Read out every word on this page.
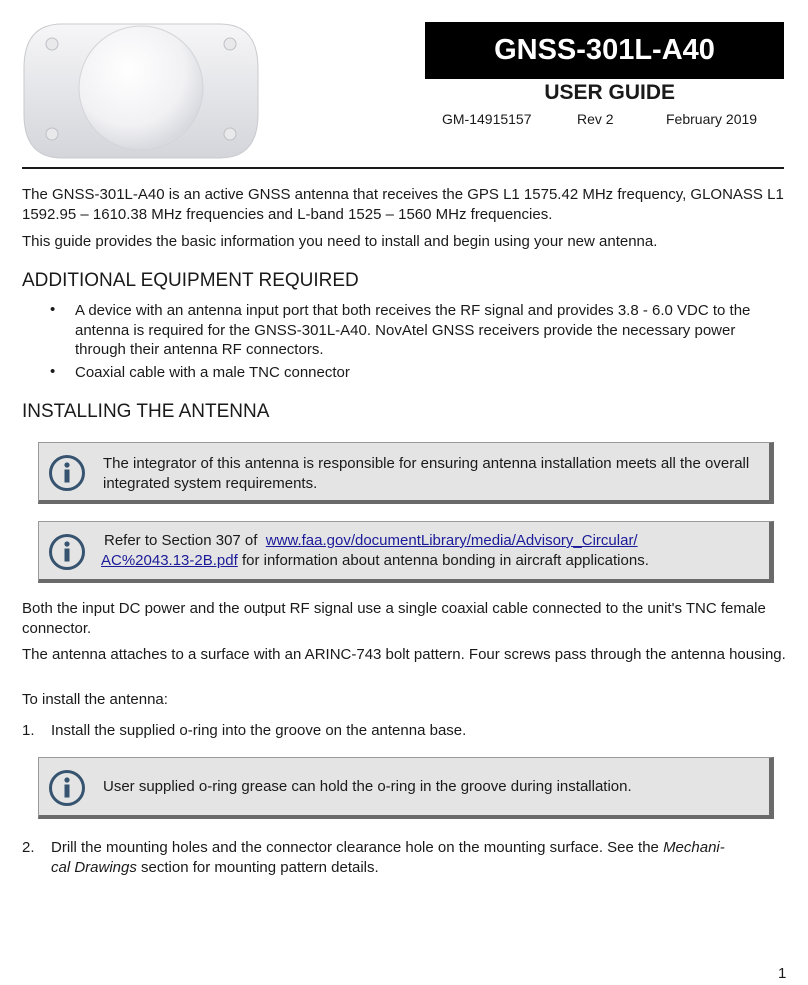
GNSS-301L-A40
USER GUIDE
GM-14915157	Rev 2	February 2019
The GNSS-301L-A40 is an active GNSS antenna that receives the GPS L1 1575.42 MHz frequency, GLONASS L1 1592.95 – 1610.38 MHz frequencies and L-band 1525 – 1560 MHz frequencies.
This guide provides the basic information you need to install and begin using your new antenna.
ADDITIONAL EQUIPMENT REQUIRED
• A device with an antenna input port that both receives the RF signal and provides 3.8 - 6.0 VDC to the antenna is required for the GNSS-301L-A40. NovAtel GNSS receivers provide the necessary power through their antenna RF connectors.
• Coaxial cable with a male TNC connector
INSTALLING THE ANTENNA
The integrator of this antenna is responsible for ensuring antenna installation meets all the overall integrated system requirements.
Refer to Section 307 of www.faa.gov/documentLibrary/media/Advisory_Circular/
AC%2043.13-2B.pdf for information about antenna bonding in aircraft applications.
Both the input DC power and the output RF signal use a single coaxial cable connected to the unit's TNC female connector.
The antenna attaches to a surface with an ARINC-743 bolt pattern. Four screws pass through the antenna housing.
To install the antenna:
1. Install the supplied o-ring into the groove on the antenna base.
User supplied o-ring grease can hold the o-ring in the groove during installation.
2. Drill the mounting holes and the connector clearance hole on the mounting surface. See the Mechani-
cal Drawings section for mounting pattern details.
1
